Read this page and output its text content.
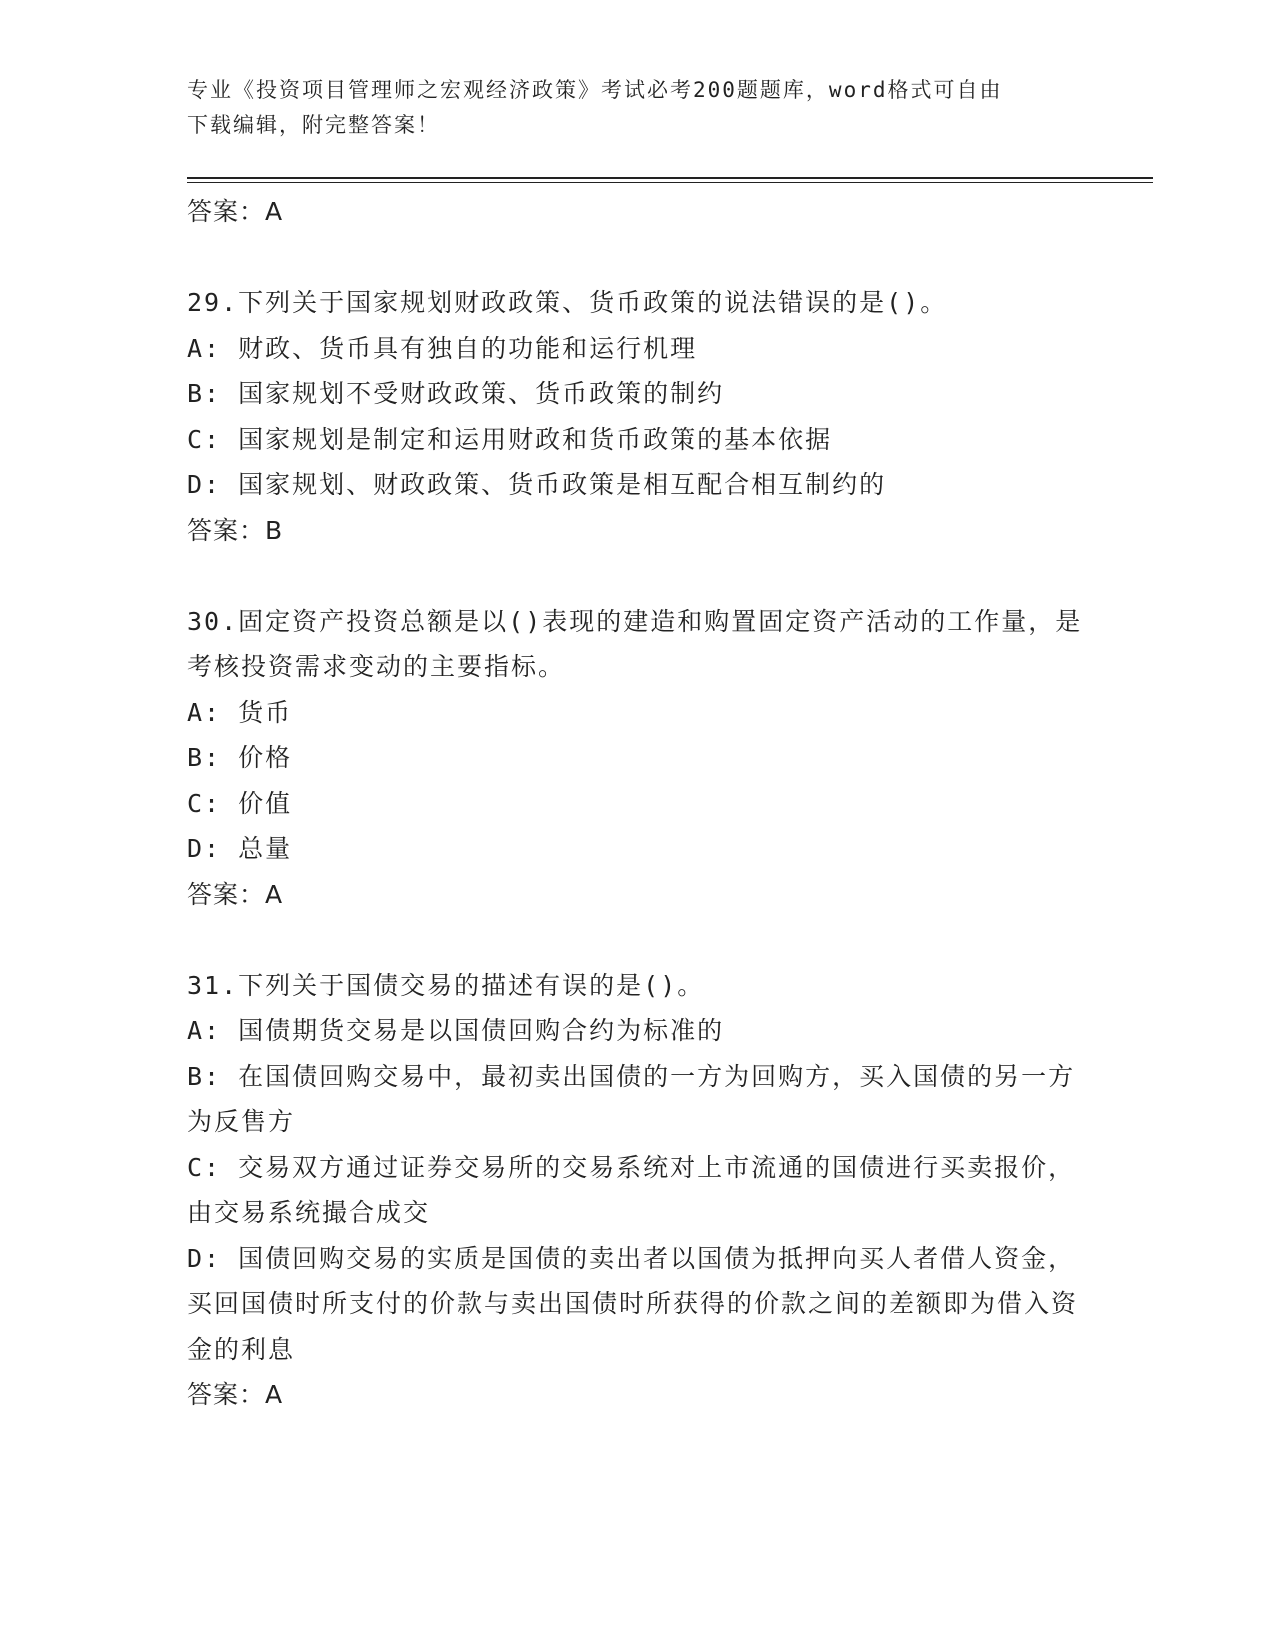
专业《投资项目管理师之宏观经济政策》考试必考200题题库，word格式可自由
下载编辑，附完整答案！
答案：A
29.下列关于国家规划财政政策、货币政策的说法错误的是()。
A: 财政、货币具有独自的功能和运行机理
B: 国家规划不受财政政策、货币政策的制约
C: 国家规划是制定和运用财政和货币政策的基本依据
D: 国家规划、财政政策、货币政策是相互配合相互制约的
答案：B
30.固定资产投资总额是以()表现的建造和购置固定资产活动的工作量，是考核投资需求变动的主要指标。
A: 货币
B: 价格
C: 价值
D: 总量
答案：A
31.下列关于国债交易的描述有误的是()。
A: 国债期货交易是以国债回购合约为标准的
B: 在国债回购交易中，最初卖出国债的一方为回购方，买入国债的另一方为反售方
C: 交易双方通过证券交易所的交易系统对上市流通的国债进行买卖报价，由交易系统撮合成交
D: 国债回购交易的实质是国债的卖出者以国债为抵押向买人者借人资金，买回国债时所支付的价款与卖出国债时所获得的价款之间的差额即为借入资金的利息
答案：A
